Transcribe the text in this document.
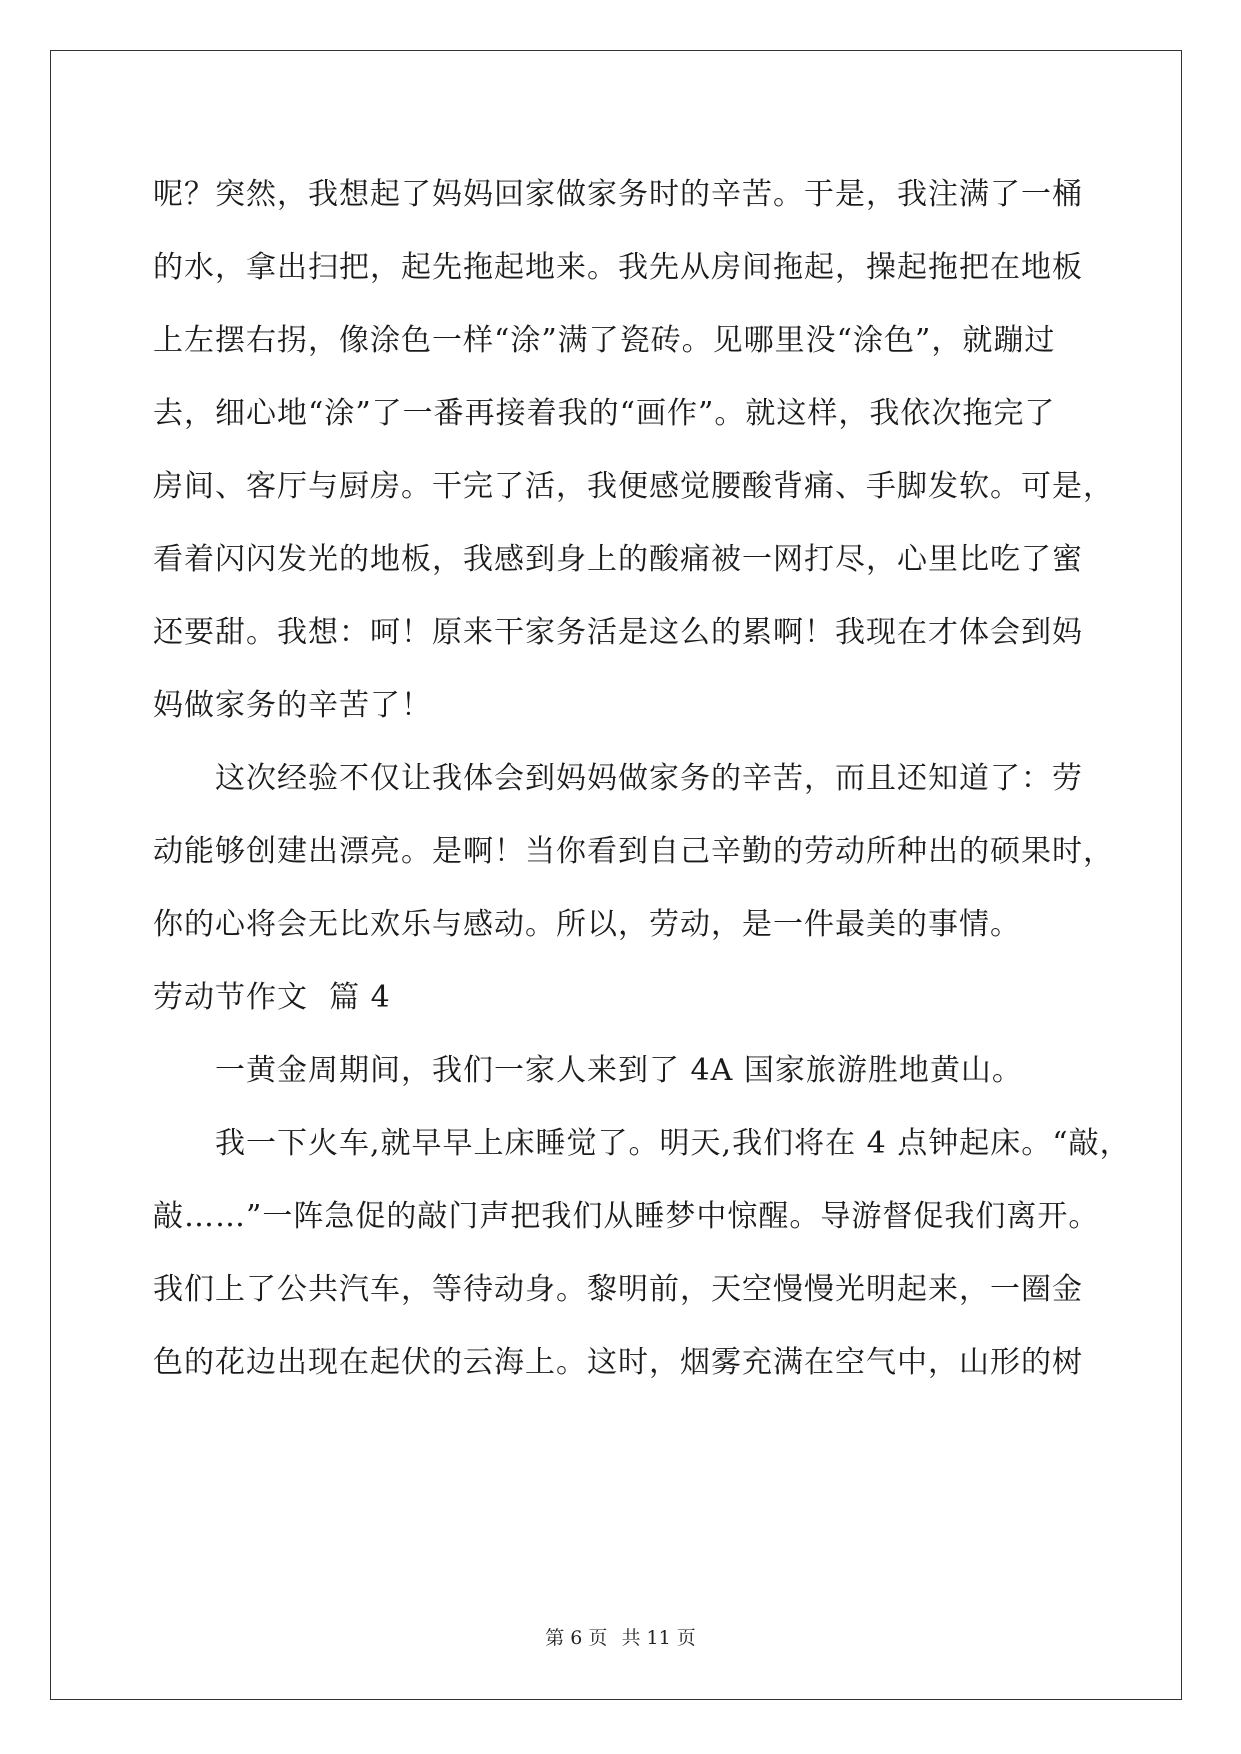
呢？突然，我想起了妈妈回家做家务时的辛苦。于是，我注满了一桶
的水，拿出扫把，起先拖起地来。我先从房间拖起，操起拖把在地板
上左摆右拐，像涂色一样“涂”满了瓷砖。见哪里没“涂色”，就蹦过
去，细心地“涂”了一番再接着我的“画作”。就这样，我依次拖完了
房间、客厅与厨房。干完了活，我便感觉腰酸背痛、手脚发软。可是，
看着闪闪发光的地板，我感到身上的酸痛被一网打尽，心里比吃了蜜
还要甜。我想：呵！原来干家务活是这么的累啊！我现在才体会到妈
妈做家务的辛苦了！
这次经验不仅让我体会到妈妈做家务的辛苦，而且还知道了：劳
动能够创建出漂亮。是啊！当你看到自己辛勤的劳动所种出的硕果时，
你的心将会无比欢乐与感动。所以，劳动，是一件最美的事情。
劳动节作文  篇 4
一黄金周期间，我们一家人来到了 4A 国家旅游胜地黄山。
我一下火车,就早早上床睡觉了。明天,我们将在 4 点钟起床。“敲，
敲……”一阵急促的敲门声把我们从睡梦中惊醒。导游督促我们离开。
我们上了公共汽车，等待动身。黎明前，天空慢慢光明起来，一圈金
色的花边出现在起伏的云海上。这时，烟雾充满在空气中，山形的树
第 6 页 共 11 页
